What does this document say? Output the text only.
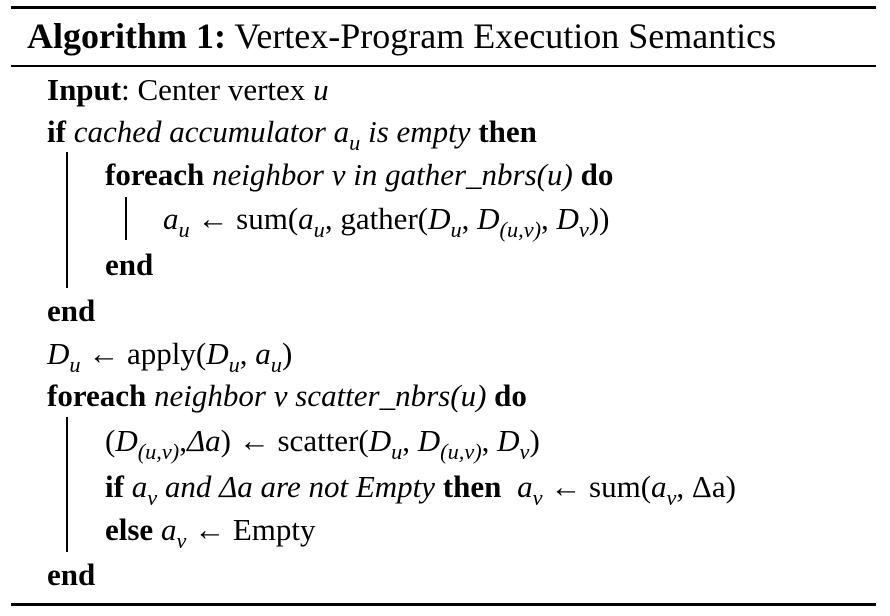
Algorithm 1: Vertex-Program Execution Semantics
Input: Center vertex u
if cached accumulator $a_u$ is empty then
foreach neighbor v in gather_nbrs(u) do
$a_u$ ← $sum(a_u$, $gather(D_u$, $D_{(u,v)}$, $D_v$))
end
end
$D_u$ ← $apply(D_u$, $a_u$)
foreach neighbor v scatter_nbrs(u) do
$(D_{(u,v)},\Delta a)$ ← $scatter(D_u$, $D_{(u,v)}$, $D_v$)
if $a_v$ and Δa are not Empty then $a_v$ ← $sum(a_v$, Δa)
else $a_v$ ← Empty
end
